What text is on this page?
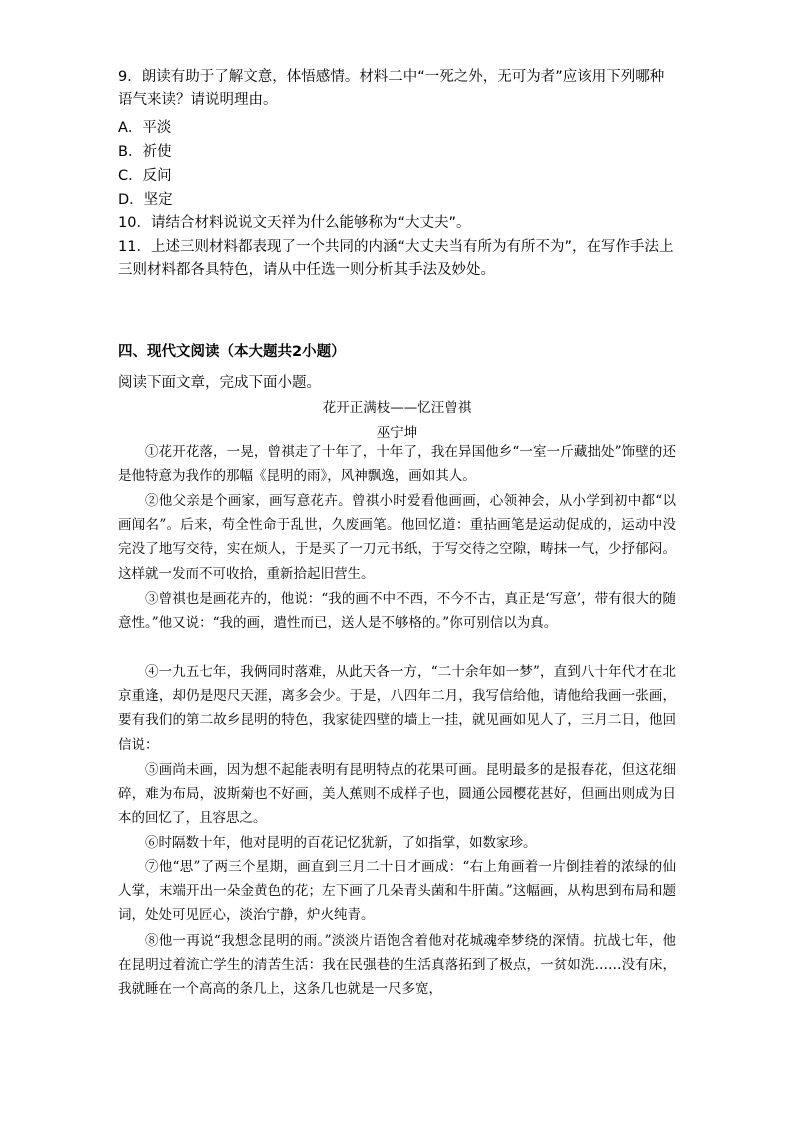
9．朗读有助于了解文意，体悟感情。材料二中“一死之外，无可为者”应该用下列哪种语气来读？请说明理由。

A．平淡

B．祈使

C．反问

D．坚定

10．请结合材料说说文天祥为什么能够称为“大丈夫”。

11．上述三则材料都表现了一个共同的内涵“大丈夫当有所为有所不为”，在写作手法上三则材料都各具特色，请从中任选一则分析其手法及妙处。

四、现代文阅读（本大题共2小题）

阅读下面文章，完成下面小题。

花开正满枝——忆汪曾祺

巫宁坤

①花开花落，一晃，曾祺走了十年了，十年了，我在异国他乡“一室一斤藏拙处”饰壁的还是他特意为我作的那幅《昆明的雨》，风神飘逸，画如其人。

②他父亲是个画家，画写意花卉。曾祺小时爱看他画画，心领神会，从小学到初中都“以画闻名”。后来，苟全性命于乱世，久废画笔。他回忆道：重拈画笔是运动促成的，运动中没完没了地写交待，实在烦人，于是买了一刀元书纸，于写交待之空隙，畴抹一气，少抒郁闷。这样就一发而不可收拾，重新拾起旧营生。

③曾祺也是画花卉的，他说：“我的画不中不西，不今不古，真正是‘写意’，带有很大的随意性。”他又说：“我的画，遣性而已，送人是不够格的。”你可别信以为真。

④一九五七年，我俩同时落难，从此天各一方，“二十余年如一梦”，直到八十年代才在北京重逢，却仍是咫尺天涯，离多会少。于是，八四年二月，我写信给他，请他给我画一张画，要有我们的第二故乡昆明的特色，我家徒四壁的墙上一挂，就见画如见人了，三月二日，他回信说：

⑤画尚未画，因为想不起能表明有昆明特点的花果可画。昆明最多的是报春花，但这花细碎，难为布局，波斯菊也不好画，美人蕉则不成样子也，圆通公园樱花甚好，但画出则成为日本的回忆了，且容思之。

⑥时隔数十年，他对昆明的百花记忆犹新，了如指掌，如数家珍。

⑦他“思”了两三个星期，画直到三月二十日才画成：“右上角画着一片倒挂着的浓绿的仙人掌，末端开出一朵金黄色的花；左下画了几朵青头菌和牛肝菌。”这幅画，从构思到布局和题词，处处可见匠心，淡治宁静，炉火纯青。

⑧他一再说“我想念昆明的雨。”淡淡片语饱含着他对花城魂牵梦绕的深情。抗战七年，他在昆明过着流亡学生的清苦生活：我在民强巷的生活真落拓到了极点，一贫如洗……没有床，我就睡在一个高高的条几上，这条几也就是一尺多宽，
